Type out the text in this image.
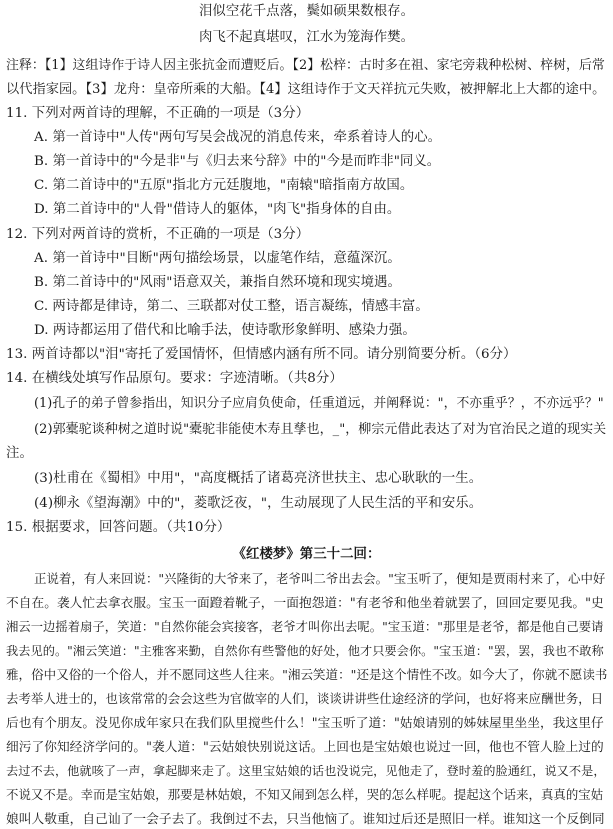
泪似空花千点落，鬓如硕果数根存。
肉飞不起真堪叹，江水为笼海作樊。
注释：【1】这组诗作于诗人因主张抗金而遭贬后。【2】松梓：古时多在祖、家宅旁栽种松树、梓树，后常
以代指家园。【3】龙舟：皇帝所乘的大船。【4】这组诗作于文天祥抗元失败，被押解北上大都的途中。
11. 下列对两首诗的理解，不正确的一项是（3分）
A. 第一首诗中"人传"两句写吴会战况的消息传来，牵系着诗人的心。
B. 第一首诗中的"今是非"与《归去来兮辞》中的"今是而昨非"同义。
C. 第二首诗中的"五原"指北方元廷腹地，"南辕"暗指南方故国。
D. 第二首诗中的"人骨"借诗人的躯体，"肉飞"指身体的自由。
12. 下列对两首诗的赏析，不正确的一项是（3分）
A. 第一首诗中"目断"两句描绘场景，以虚笔作结，意蕴深沉。
B. 第二首诗中的"风雨"语意双关，兼指自然环境和现实境遇。
C. 两诗都是律诗，第二、三联都对仗工整，语言凝练，情感丰富。
D. 两诗都运用了借代和比喻手法，使诗歌形象鲜明、感染力强。
13. 两首诗都以"泪"寄托了爱国情怀，但情感内涵有所不同。请分别简要分析。（6分）
14. 在横线处填写作品原句。要求：字迹清晰。（共8分）
(1)孔子的弟子曾参指出，知识分子应肩负使命，任重道远，并阐释说："，不亦重乎？，不亦远乎？"
(2)郭橐驼谈种树之道时说"橐驼非能使木寿且孳也，_"，柳宗元借此表达了对为官治民之道的现实关
注。
(3)杜甫在《蜀相》中用"，"高度概括了诸葛亮济世扶主、忠心耿耿的一生。
(4)柳永《望海潮》中的"，菱歌泛夜，"，生动展现了人民生活的平和安乐。
15. 根据要求，回答问题。（共10分）
《红楼梦》第三十二回：
正说着，有人来回说："兴隆街的大爷来了，老爷叫二爷出去会。"宝玉听了，便知是贾雨村来了，心中好
不自在。袭人忙去拿衣服。宝玉一面蹬着靴子，一面抱怨道："有老爷和他坐着就罢了，回回定要见我。"史
湘云一边摇着扇子，笑道："自然你能会宾接客，老爷才叫你出去呢。"宝玉道："那里是老爷，都是他自己要请
我去见的。"湘云笑道："主雅客来勤，自然你有些警他的好处，他才只要会你。"宝玉道："罢，罢，我也不敢称
雅，俗中又俗的一个俗人，并不愿同这些人往来。"湘云笑道："还是这个情性不改。如今大了，你就不愿读书
去考举人进士的，也该常常的会会这些为官做宰的人们，谈谈讲讲些仕途经济的学问，也好将来应酬世务，日
后也有个朋友。没见你成年家只在我们队里搅些什么！"宝玉听了道："姑娘请别的姊妹屋里坐坐，我这里仔
细污了你知经济学问的。"袭人道："云姑娘快别说这话。上回也是宝姑娘也说过一回，他也不管人脸上过的
去过不去，他就咳了一声，拿起脚来走了。这里宝姑娘的话也没说完，见他走了，登时羞的脸通红，说又不是，
不说又不是。幸而是宝姑娘，那要是林姑娘，不知又闹到怎么样，哭的怎么样呢。提起这个话来，真真的宝姑
娘叫人敬重，自己讪了一会子去了。我倒过不去，只当他恼了。谁知过后还是照旧一样。谁知这一个反倒同
